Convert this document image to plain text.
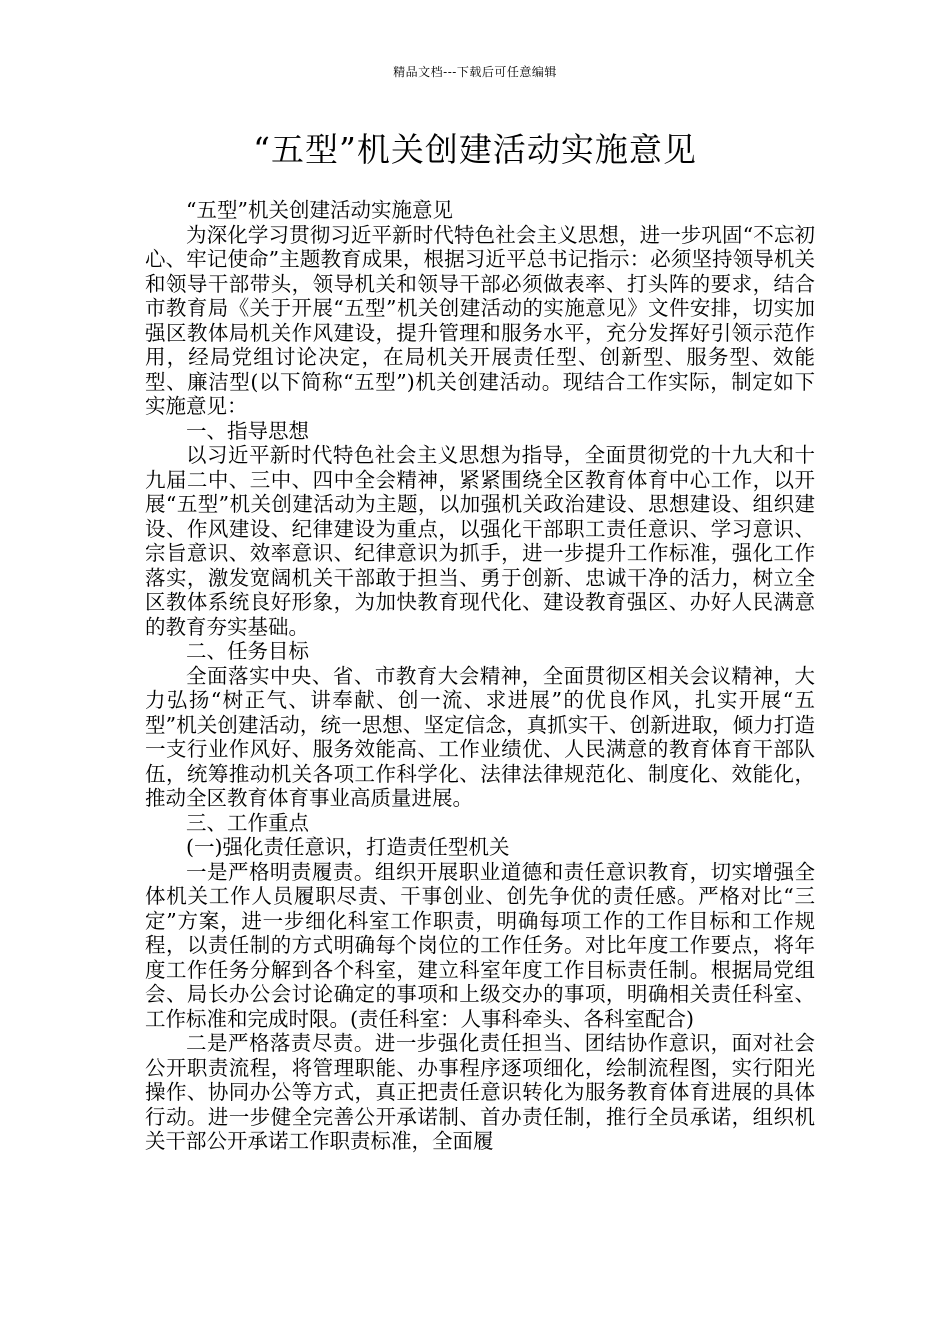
精品文档---下载后可任意编辑
“五型”机关创建活动实施意见

“五型”机关创建活动实施意见

为深化学习贯彻习近平新时代特色社会主义思想，进一步巩固“不忘初心、牢记使命”主题教育成果，根据习近平总书记指示：必须坚持领导机关和领导干部带头，领导机关和领导干部必须做表率、打头阵的要求，结合市教育局《关于开展“五型”机关创建活动的实施意见》文件安排，切实加强区教体局机关作风建设，提升管理和服务水平，充分发挥好引领示范作用，经局党组讨论决定，在局机关开展责任型、创新型、服务型、效能型、廉洁型(以下简称“五型”)机关创建活动。现结合工作实际，制定如下实施意见：

一、指导思想

以习近平新时代特色社会主义思想为指导，全面贯彻党的十九大和十九届二中、三中、四中全会精神，紧紧围绕全区教育体育中心工作，以开展“五型”机关创建活动为主题，以加强机关政治建设、思想建设、组织建设、作风建设、纪律建设为重点，以强化干部职工责任意识、学习意识、宗旨意识、效率意识、纪律意识为抓手，进一步提升工作标准，强化工作落实，激发宽阔机关干部敢于担当、勇于创新、忠诚干净的活力，树立全区教体系统良好形象，为加快教育现代化、建设教育强区、办好人民满意的教育夯实基础。

二、任务目标

全面落实中央、省、市教育大会精神，全面贯彻区相关会议精神，大力弘扬“树正气、讲奉献、创一流、求进展”的优良作风，扎实开展“五型”机关创建活动，统一思想、坚定信念，真抓实干、创新进取，倾力打造一支行业作风好、服务效能高、工作业绩优、人民满意的教育体育干部队伍，统筹推动机关各项工作科学化、法律法律规范化、制度化、效能化，推动全区教育体育事业高质量进展。

三、工作重点

(一)强化责任意识，打造责任型机关

一是严格明责履责。组织开展职业道德和责任意识教育，切实增强全体机关工作人员履职尽责、干事创业、创先争优的责任感。严格对比“三定”方案，进一步细化科室工作职责，明确每项工作的工作目标和工作规程，以责任制的方式明确每个岗位的工作任务。对比年度工作要点，将年度工作任务分解到各个科室，建立科室年度工作目标责任制。根据局党组会、局长办公会讨论确定的事项和上级交办的事项，明确相关责任科室、工作标准和完成时限。(责任科室：人事科牵头、各科室配合)

二是严格落责尽责。进一步强化责任担当、团结协作意识，面对社会公开职责流程，将管理职能、办事程序逐项细化，绘制流程图，实行阳光操作、协同办公等方式，真正把责任意识转化为服务教育体育进展的具体行动。进一步健全完善公开承诺制、首办责任制，推行全员承诺，组织机关干部公开承诺工作职责标准，全面履
